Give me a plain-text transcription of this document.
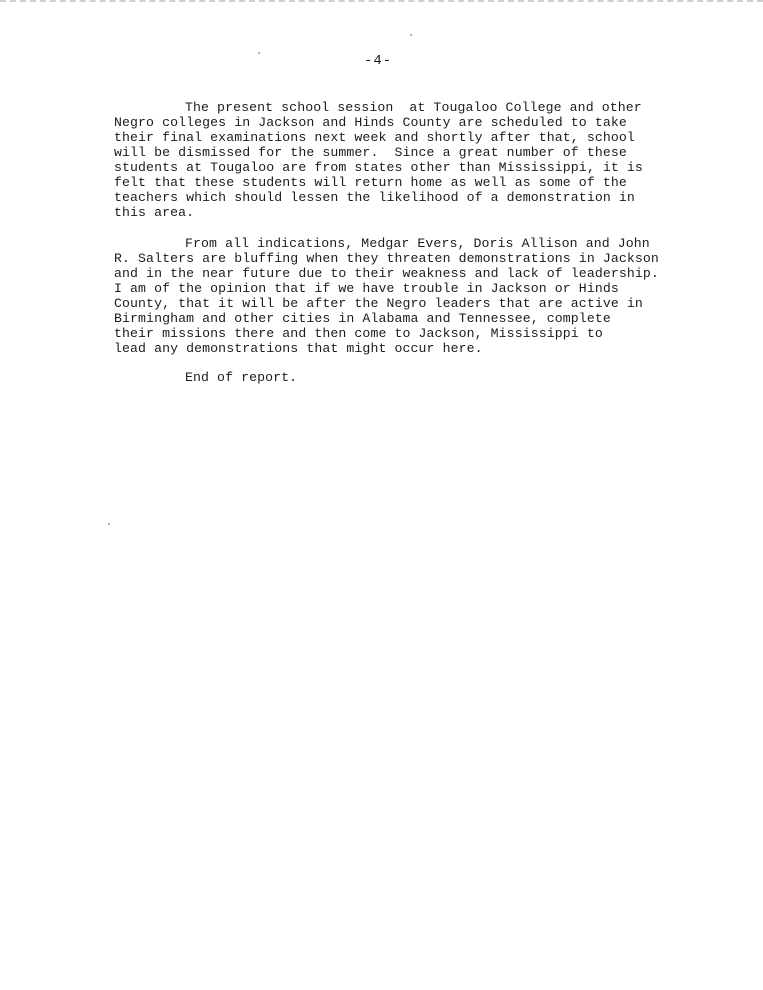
-4-
The present school session  at Tougaloo College and other
Negro colleges in Jackson and Hinds County are scheduled to take
their final examinations next week and shortly after that, school
will be dismissed for the summer.  Since a great number of these
students at Tougaloo are from states other than Mississippi, it is
felt that these students will return home as well as some of the
teachers which should lessen the likelihood of a demonstration in
this area.
From all indications, Medgar Evers, Doris Allison and John
R. Salters are bluffing when they threaten demonstrations in Jackson
and in the near future due to their weakness and lack of leadership.
I am of the opinion that if we have trouble in Jackson or Hinds
County, that it will be after the Negro leaders that are active in
Birmingham and other cities in Alabama and Tennessee, complete
their missions there and then come to Jackson, Mississippi to
lead any demonstrations that might occur here.
End of report.
